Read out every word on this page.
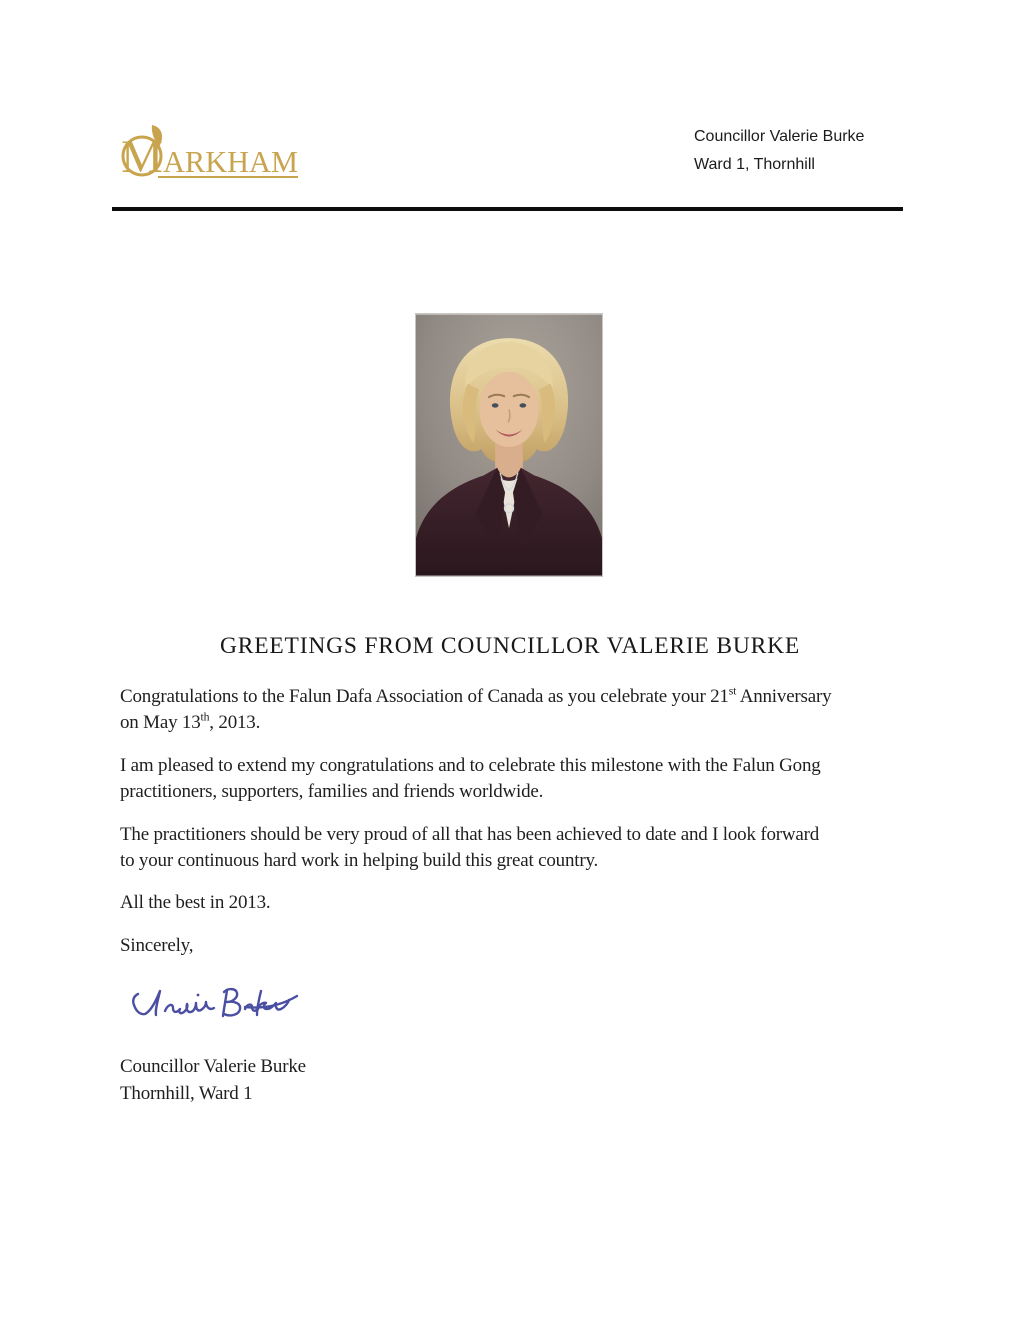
M ARKHAM
Councillor Valerie Burke
Ward 1, Thornhill
GREETINGS FROM COUNCILLOR VALERIE BURKE
Congratulations to the Falun Dafa Association of Canada as you celebrate your 21st Anniversary
on May 13th, 2013.
I am pleased to extend my congratulations and to celebrate this milestone with the Falun Gong
practitioners, supporters, families and friends worldwide.
The practitioners should be very proud of all that has been achieved to date and I look forward
to your continuous hard work in helping build this great country.
All the best in 2013.
Sincerely,
Councillor Valerie Burke
Thornhill, Ward 1
